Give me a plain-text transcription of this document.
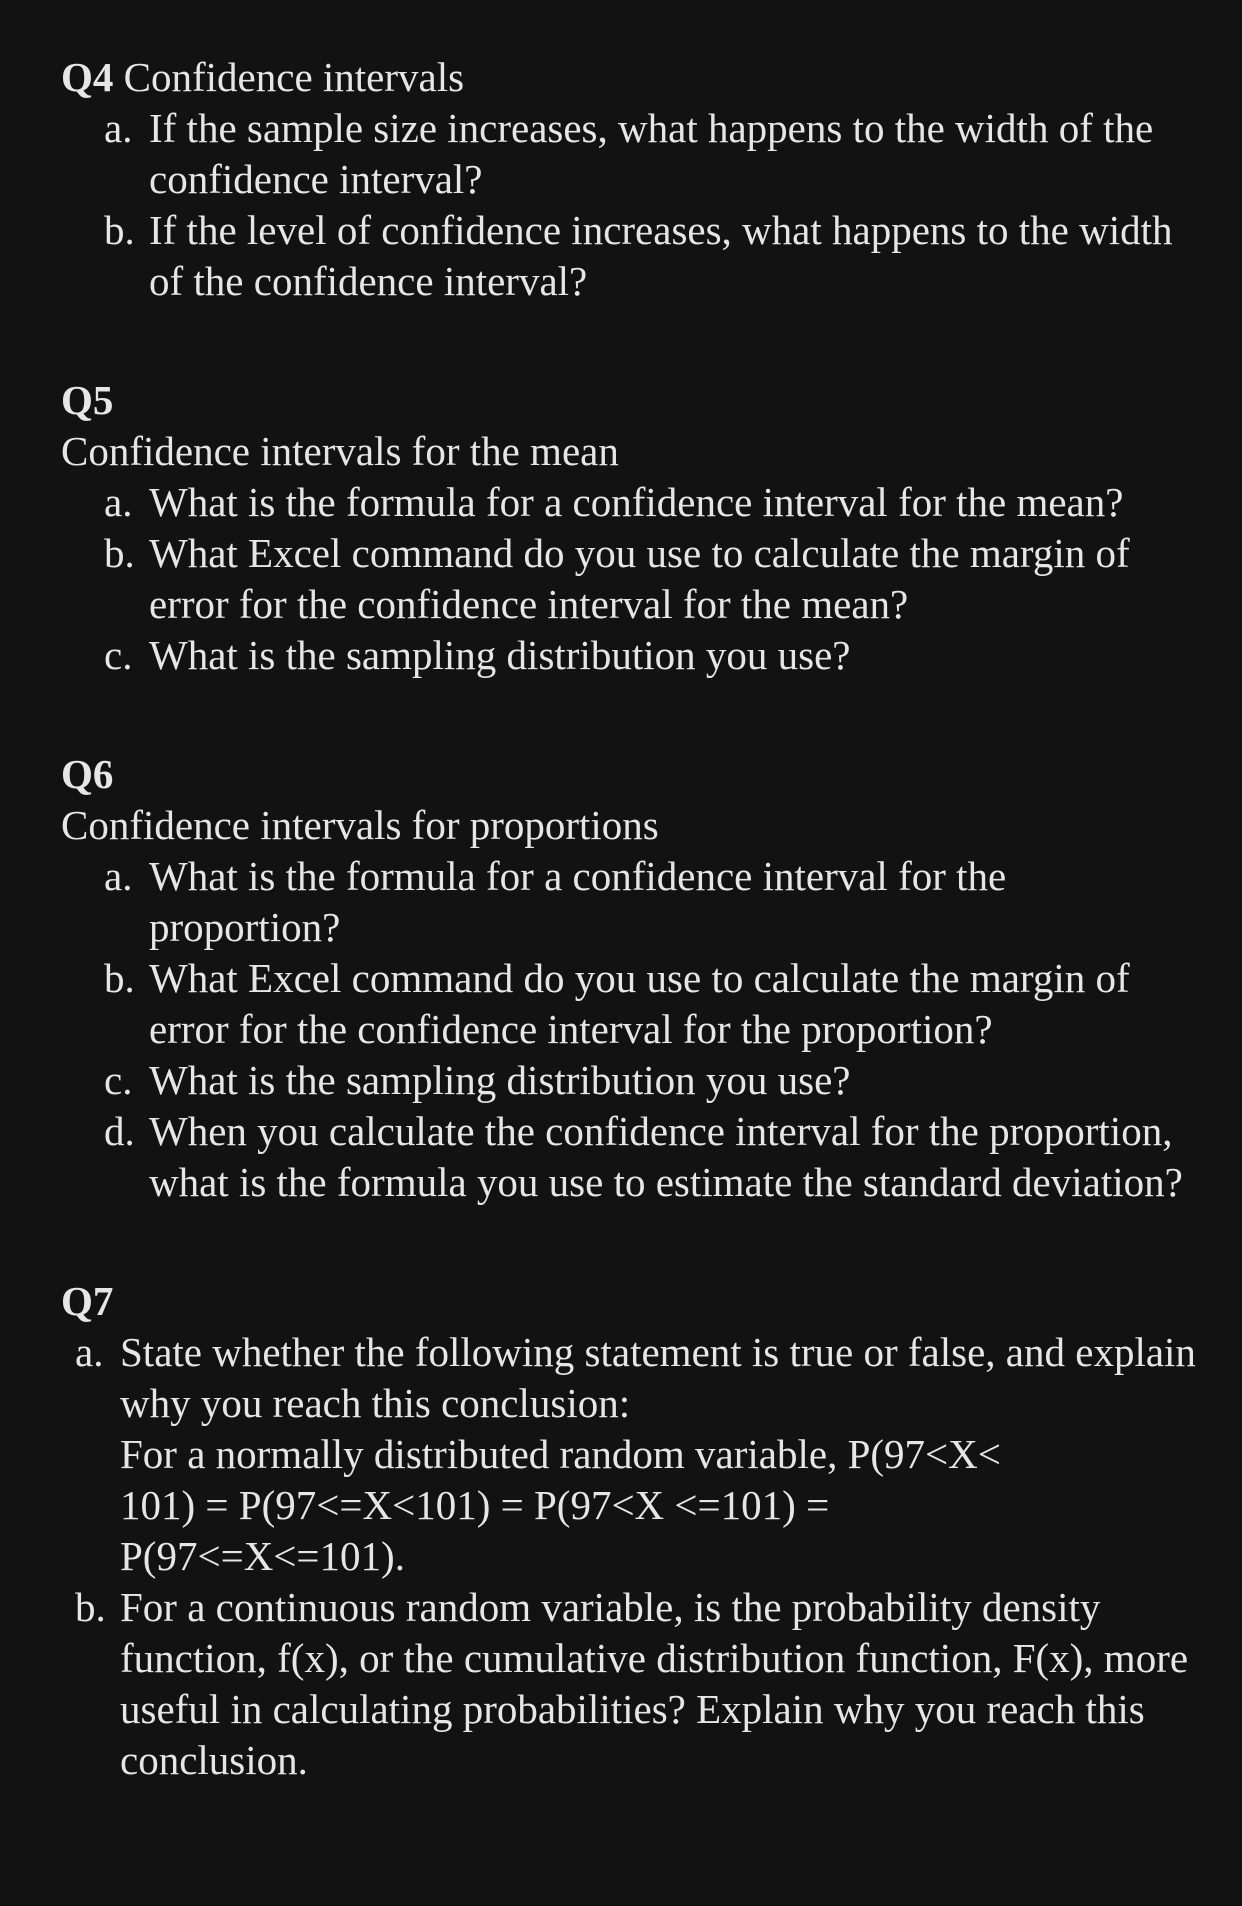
Q4 Confidence intervals

a. If the sample size increases, what happens to the width of the confidence interval?
b. If the level of confidence increases, what happens to the width of the confidence interval?

Q5

Confidence intervals for the mean

a. What is the formula for a confidence interval for the mean?
b. What Excel command do you use to calculate the margin of error for the confidence interval for the mean?
c. What is the sampling distribution you use?

Q6

Confidence intervals for proportions

a. What is the formula for a confidence interval for the proportion?
b. What Excel command do you use to calculate the margin of error for the confidence interval for the proportion?
c. What is the sampling distribution you use?
d. When you calculate the confidence interval for the proportion, what is the formula you use to estimate the standard deviation?

Q7

a. State whether the following statement is true or false, and explain why you reach this conclusion:
For a normally distributed random variable, P(97<X<
101) = P(97<=X<101) = P(97<X <=101) =
P(97<=X<=101).
b. For a continuous random variable, is the probability density function, f(x), or the cumulative distribution function, F(x), more useful in calculating probabilities? Explain why you reach this conclusion.
